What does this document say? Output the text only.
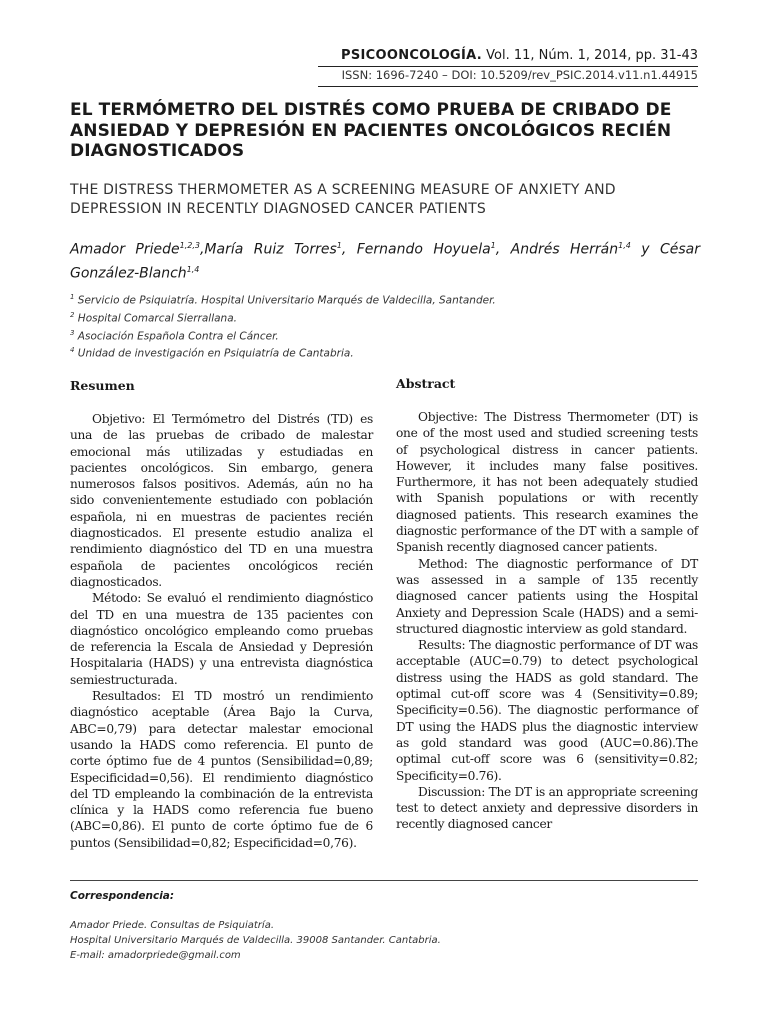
PSICOONCOLOGÍA. Vol. 11, Núm. 1, 2014, pp. 31-43
ISSN: 1696-7240 – DOI: 10.5209/rev_PSIC.2014.v11.n1.44915
EL TERMÓMETRO DEL DISTRÉS COMO PRUEBA DE CRIBADO DE ANSIEDAD Y DEPRESIÓN EN PACIENTES ONCOLÓGICOS RECIÉN DIAGNOSTICADOS
THE DISTRESS THERMOMETER AS A SCREENING MEASURE OF ANXIETY AND DEPRESSION IN RECENTLY DIAGNOSED CANCER PATIENTS
Amador Priede$^{1,2,3}$,María Ruiz Torres$^1$, Fernando Hoyuela$^1$, Andrés Herrán$^{1,4}$ y César González-Blanch$^{1,4}$
$^1$ Servicio de Psiquiatría. Hospital Universitario Marqués de Valdecilla, Santander.
$^2$ Hospital Comarcal Sierrallana.
$^3$ Asociación Española Contra el Cáncer.
$^4$ Unidad de investigación en Psiquiatría de Cantabria.
Resumen

Objetivo: El Termómetro del Distrés (TD) es una de las pruebas de cribado de malestar emocional más utilizadas y estudiadas en pacientes oncológicos. Sin embargo, genera numerosos falsos positivos. Además, aún no ha sido convenientemente estudiado con población española, ni en muestras de pacientes recién diagnosticados. El presente estudio analiza el rendimiento diagnóstico del TD en una muestra española de pacientes oncológicos recién diagnosticados.

Método: Se evaluó el rendimiento diagnóstico del TD en una muestra de 135 pacientes con diagnóstico oncológico empleando como pruebas de referencia la Escala de Ansiedad y Depresión Hospitalaria (HADS) y una entrevista diagnóstica semiestructurada.

Resultados: El TD mostró un rendimiento diagnóstico aceptable (Área Bajo la Curva, ABC=0,79) para detectar malestar emocional usando la HADS como referencia. El punto de corte óptimo fue de 4 puntos (Sensibilidad=0,89; Especificidad=0,56). El rendimiento diagnóstico del TD empleando la combinación de la entrevista clínica y la HADS como referencia fue bueno (ABC=0,86). El punto de corte óptimo fue de 6 puntos (Sensibilidad=0,82; Especificidad=0,76).

Abstract

Objective: The Distress Thermometer (DT) is one of the most used and studied screening tests of psychological distress in cancer patients. However, it includes many false positives. Furthermore, it has not been adequately studied with Spanish populations or with recently diagnosed patients. This research examines the diagnostic performance of the DT with a sample of Spanish recently diagnosed cancer patients.

Method: The diagnostic performance of DT was assessed in a sample of 135 recently diagnosed cancer patients using the Hospital Anxiety and Depression Scale (HADS) and a semi-structured diagnostic interview as gold standard.

Results: The diagnostic performance of DT was acceptable (AUC=0.79) to detect psychological distress using the HADS as gold standard. The optimal cut-off score was 4 (Sensitivity=0.89; Specificity=0.56). The diagnostic performance of DT using the HADS plus the diagnostic interview as gold standard was good (AUC=0.86).The optimal cut-off score was 6 (sensitivity=0.82; Specificity=0.76).

Discussion: The DT is an appropriate screening test to detect anxiety and depressive disorders in recently diagnosed cancer

Correspondencia:
Amador Priede. Consultas de Psiquiatría.
Hospital Universitario Marqués de Valdecilla. 39008 Santander. Cantabria.
E-mail: amadorpriede@gmail.com
